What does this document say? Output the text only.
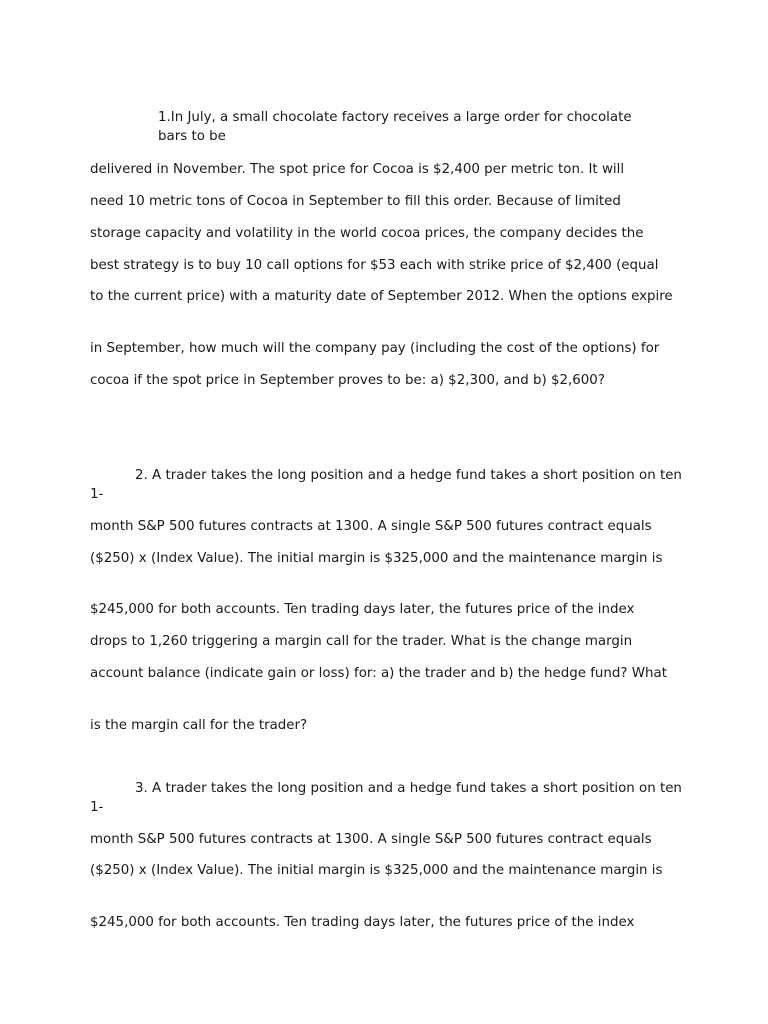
1.In July, a small chocolate factory receives a large order for chocolate bars to be
delivered in November. The spot price for Cocoa is $2,400 per metric ton. It will
need 10 metric tons of Cocoa in September to fill this order. Because of limited
storage capacity and volatility in the world cocoa prices, the company decides the
best strategy is to buy 10 call options for $53 each with strike price of $2,400 (equal
to the current price) with a maturity date of September 2012. When the options expire
in September, how much will the company pay (including the cost of the options) for
cocoa if the spot price in September proves to be: a) $2,300, and b) $2,600?
2. A trader takes the long position and a hedge fund takes a short position on ten 1-
month S&P 500 futures contracts at 1300. A single S&P 500 futures contract equals
($250) x (Index Value). The initial margin is $325,000 and the maintenance margin is
$245,000 for both accounts. Ten trading days later, the futures price of the index
drops to 1,260 triggering a margin call for the trader. What is the change margin
account balance (indicate gain or loss) for: a) the trader and b) the hedge fund? What
is the margin call for the trader?
3. A trader takes the long position and a hedge fund takes a short position on ten 1-
month S&P 500 futures contracts at 1300. A single S&P 500 futures contract equals
($250) x (Index Value). The initial margin is $325,000 and the maintenance margin is
$245,000 for both accounts. Ten trading days later, the futures price of the index
